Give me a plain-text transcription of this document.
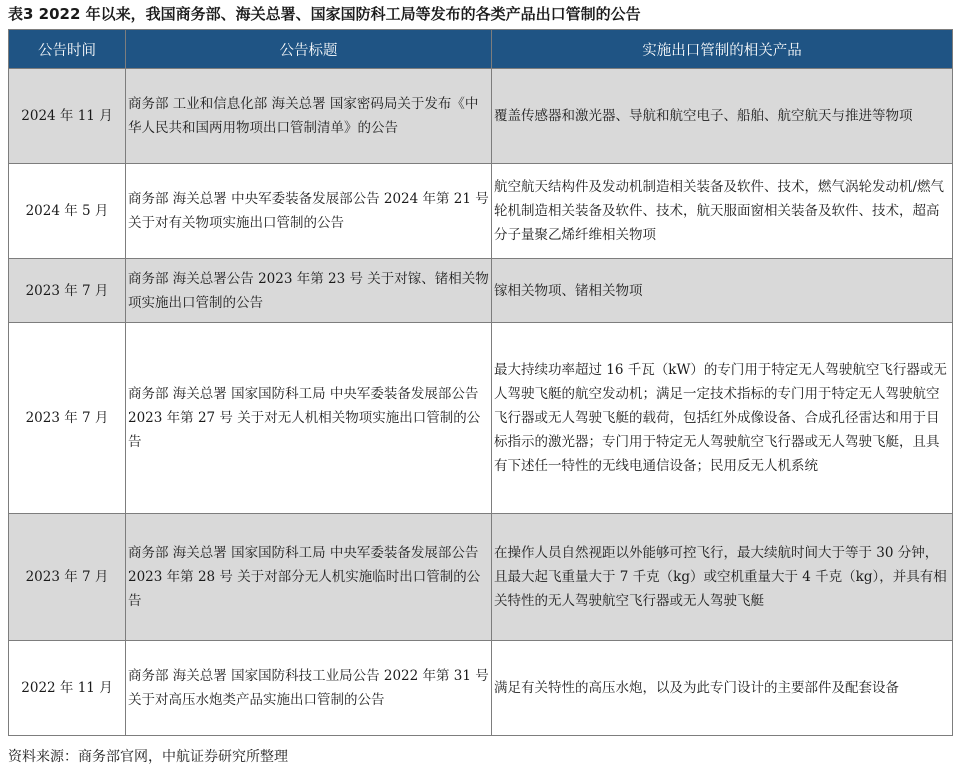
表3 2022 年以来，我国商务部、海关总署、国家国防科工局等发布的各类产品出口管制的公告
公告时间	公告标题	实施出口管制的相关产品
2024 年 11 月	商务部 工业和信息化部 海关总署 国家密码局关于发布《中华人民共和国两用物项出口管制清单》的公告	覆盖传感器和激光器、导航和航空电子、船舶、航空航天与推进等物项
2024 年 5 月	商务部 海关总署 中央军委装备发展部公告 2024 年第 21 号 关于对有关物项实施出口管制的公告	航空航天结构件及发动机制造相关装备及软件、技术，燃气涡轮发动机/燃气轮机制造相关装备及软件、技术，航天服面窗相关装备及软件、技术，超高分子量聚乙烯纤维相关物项
2023 年 7 月	商务部 海关总署公告 2023 年第 23 号 关于对镓、锗相关物项实施出口管制的公告	镓相关物项、锗相关物项
2023 年 7 月	商务部 海关总署 国家国防科工局 中央军委装备发展部公告 2023 年第 27 号 关于对无人机相关物项实施出口管制的公告	最大持续功率超过 16 千瓦（kW）的专门用于特定无人驾驶航空飞行器或无人驾驶飞艇的航空发动机；满足一定技术指标的专门用于特定无人驾驶航空飞行器或无人驾驶飞艇的载荷，包括红外成像设备、合成孔径雷达和用于目标指示的激光器；专门用于特定无人驾驶航空飞行器或无人驾驶飞艇，且具有下述任一特性的无线电通信设备；民用反无人机系统
2023 年 7 月	商务部 海关总署 国家国防科工局 中央军委装备发展部公告 2023 年第 28 号 关于对部分无人机实施临时出口管制的公告	在操作人员自然视距以外能够可控飞行，最大续航时间大于等于 30 分钟，且最大起飞重量大于 7 千克（kg）或空机重量大于 4 千克（kg），并具有相关特性的无人驾驶航空飞行器或无人驾驶飞艇
2022 年 11 月	商务部 海关总署 国家国防科技工业局公告 2022 年第 31 号 关于对高压水炮类产品实施出口管制的公告	满足有关特性的高压水炮，以及为此专门设计的主要部件及配套设备
资料来源：商务部官网，中航证券研究所整理
